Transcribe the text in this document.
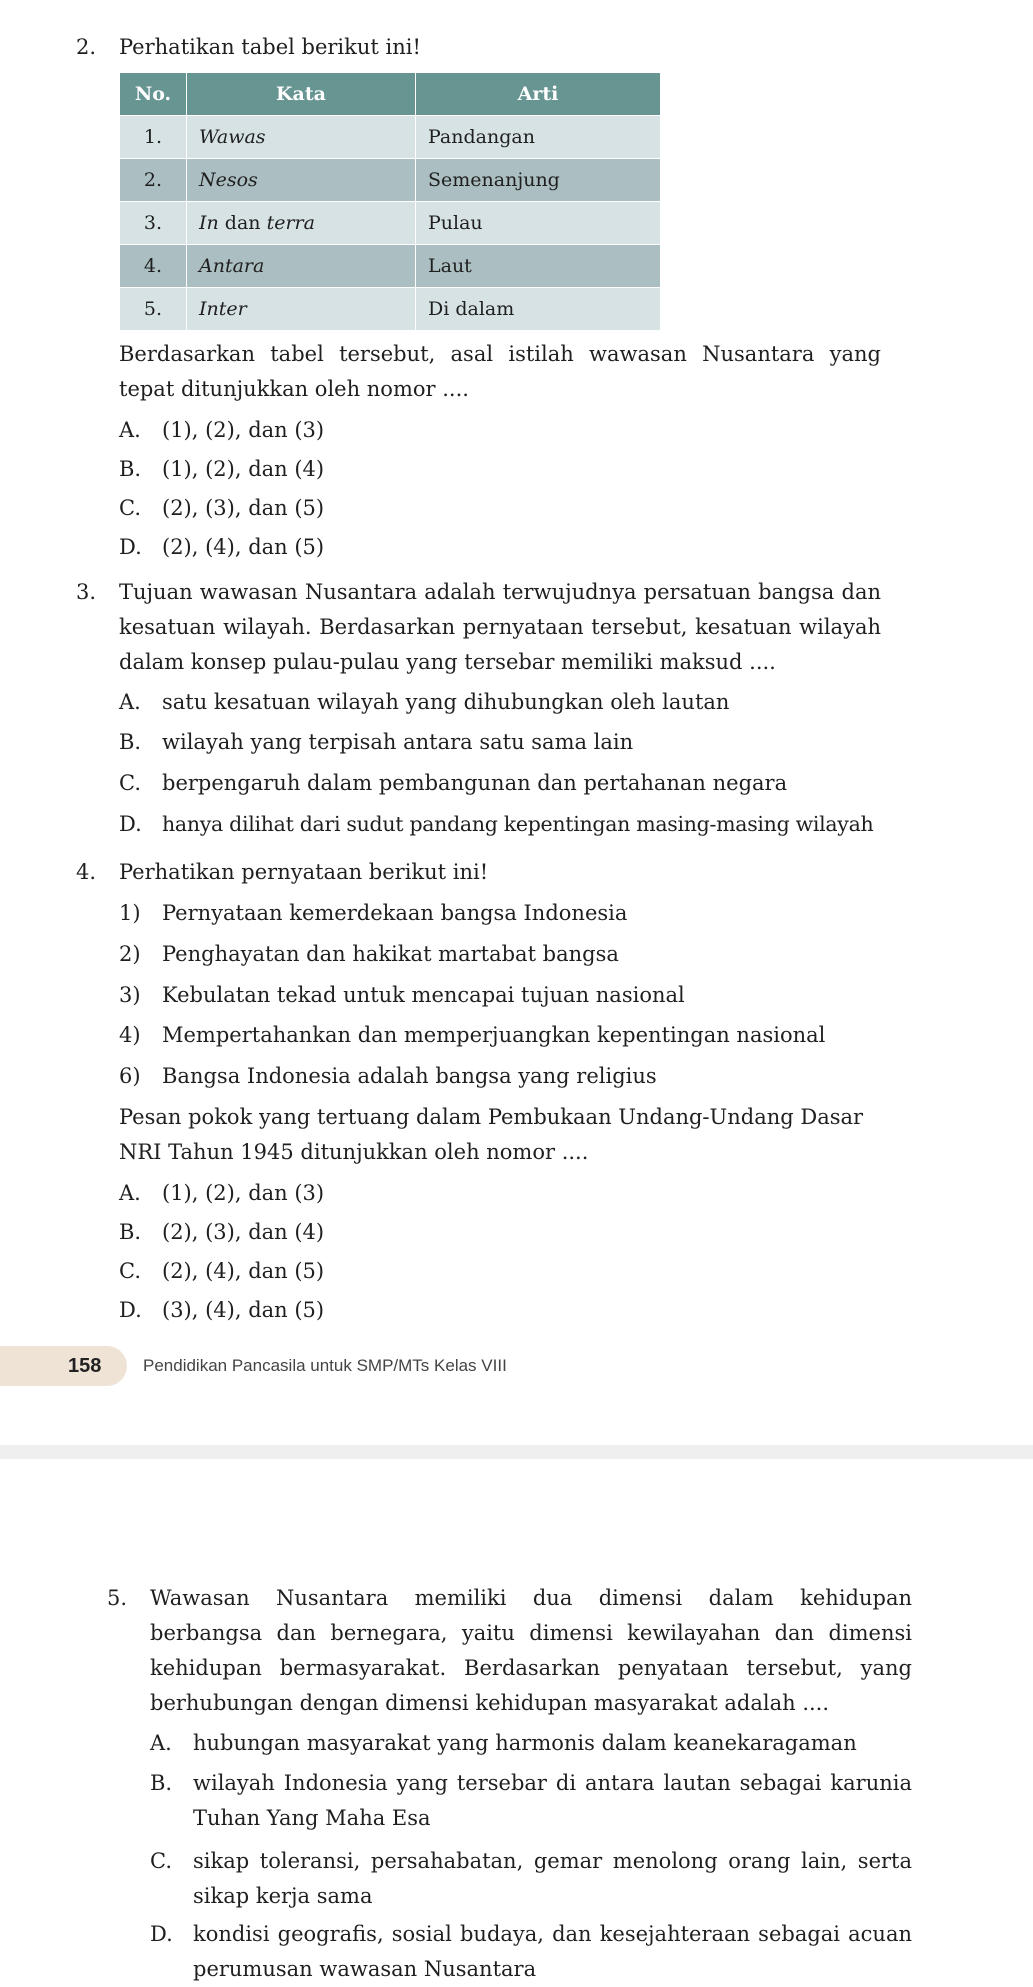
2.	Perhatikan tabel berikut ini!
No.	Kata	Arti
1.	Wawas	Pandangan
2.	Nesos	Semenanjung
3.	In dan terra	Pulau
4.	Antara	Laut
5.	Inter	Di dalam
Berdasarkan tabel tersebut, asal istilah wawasan Nusantara yang tepat ditunjukkan oleh nomor ....
A. (1), (2), dan (3)
B. (1), (2), dan (4)
C. (2), (3), dan (5)
D. (2), (4), dan (5)
3.	Tujuan wawasan Nusantara adalah terwujudnya persatuan bangsa dan kesatuan wilayah. Berdasarkan pernyataan tersebut, kesatuan wilayah dalam konsep pulau-pulau yang tersebar memiliki maksud ....
A. satu kesatuan wilayah yang dihubungkan oleh lautan
B. wilayah yang terpisah antara satu sama lain
C. berpengaruh dalam pembangunan dan pertahanan negara
D. hanya dilihat dari sudut pandang kepentingan masing-masing wilayah
4.	Perhatikan pernyataan berikut ini!
1) Pernyataan kemerdekaan bangsa Indonesia
2) Penghayatan dan hakikat martabat bangsa
3) Kebulatan tekad untuk mencapai tujuan nasional
4) Mempertahankan dan memperjuangkan kepentingan nasional
6) Bangsa Indonesia adalah bangsa yang religius
Pesan pokok yang tertuang dalam Pembukaan Undang-Undang Dasar NRI Tahun 1945 ditunjukkan oleh nomor ....
A. (1), (2), dan (3)
B. (2), (3), dan (4)
C. (2), (4), dan (5)
D. (3), (4), dan (5)
158 Pendidikan Pancasila untuk SMP/MTs Kelas VIII
5.	Wawasan Nusantara memiliki dua dimensi dalam kehidupan berbangsa dan bernegara, yaitu dimensi kewilayahan dan dimensi kehidupan bermasyarakat. Berdasarkan penyataan tersebut, yang berhubungan dengan dimensi kehidupan masyarakat adalah ....
A. hubungan masyarakat yang harmonis dalam keanekaragaman
B. wilayah Indonesia yang tersebar di antara lautan sebagai karunia Tuhan Yang Maha Esa
C. sikap toleransi, persahabatan, gemar menolong orang lain, serta sikap kerja sama
D. kondisi geografis, sosial budaya, dan kesejahteraan sebagai acuan perumusan wawasan Nusantara
